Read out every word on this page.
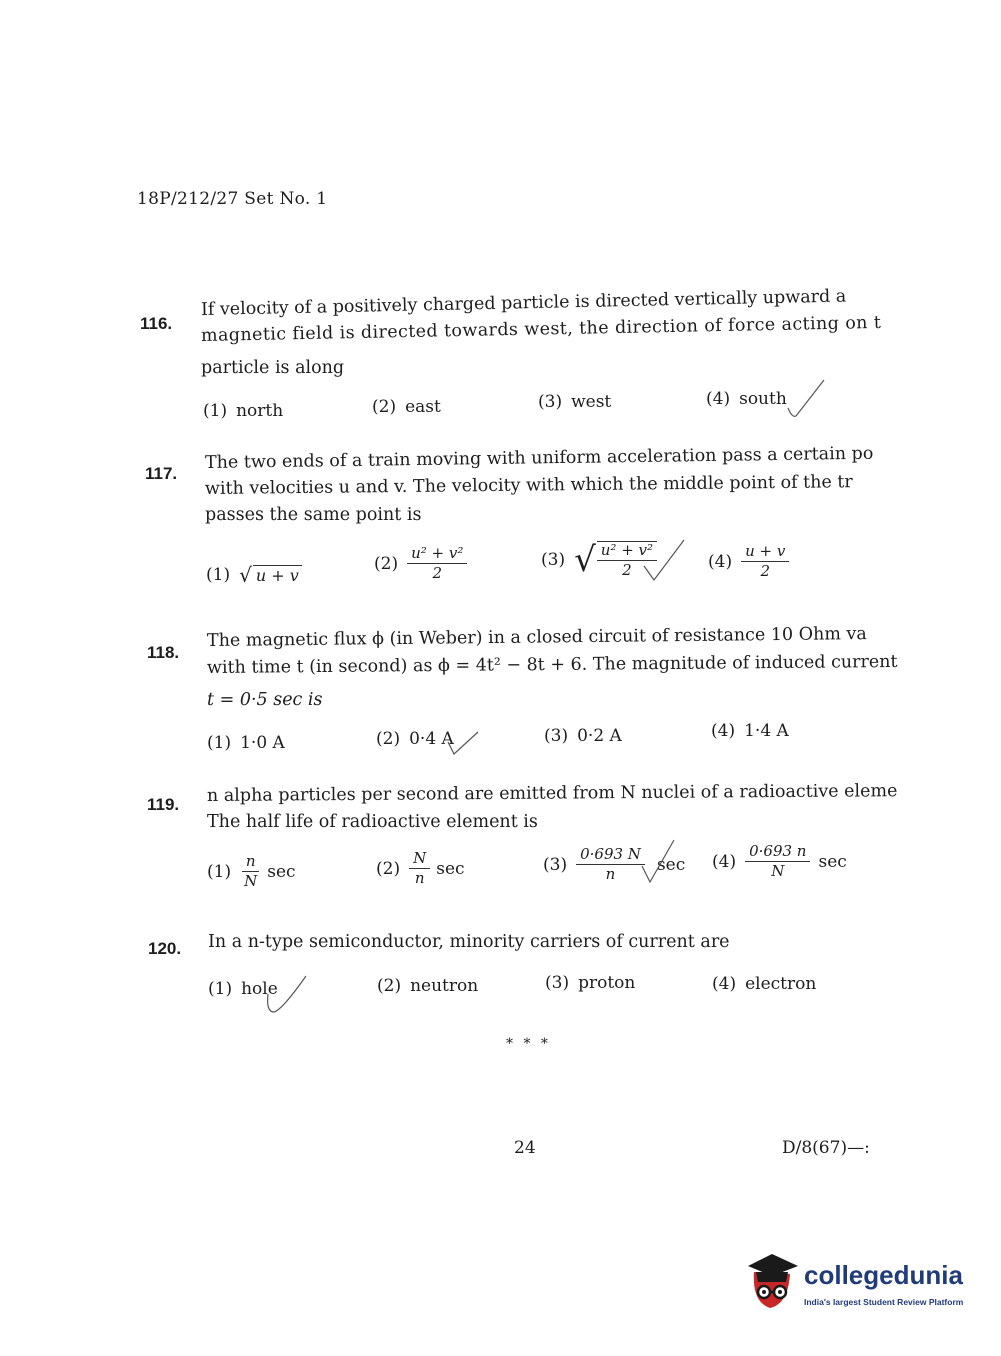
18P/212/27 Set No. 1
116.
If velocity of a positively charged particle is directed vertically upward a
magnetic field is directed towards west, the direction of force acting on t
particle is along
(1) north	(2) east	(3) west	(4) south
117.
The two ends of a train moving with uniform acceleration pass a certain po
with velocities u and v. The velocity with which the middle point of the tr
passes the same point is
(1) √ u + v
$(2) \frac{\text{u² + v²}}{2}$	(3) √ $\frac{\text{u² + v²}}{2}$	$(4) \frac{u + v}{2}$
118.
The magnetic flux ϕ (in Weber) in a closed circuit of resistance 10 Ohm va
with time t (in second) as ϕ = 4t² − 8t + 6. The magnitude of induced current
t = 0·5 sec is
(1) 1·0 A	(2) 0·4 A	(3) 0·2 A	(4) 1·4 A
119. n alpha particles per second are emitted from N nuclei of a radioactive eleme
The half life of radioactive element is
$(1) \frac{n}{N}$ sec	$(2) \frac{N}{n}$ sec	$(3) \frac{0\cdot 693 N}{n}$ $\sec (4) \frac{0\cdot 693 n}{N}$ sec
120. In a n-type semiconductor, minority carriers of current are
(1) hole	(2) neutron	(3) proton	(4) electron
* * *
24	D/8(67)—:
collegedunia
India's largest Student Review Platform
